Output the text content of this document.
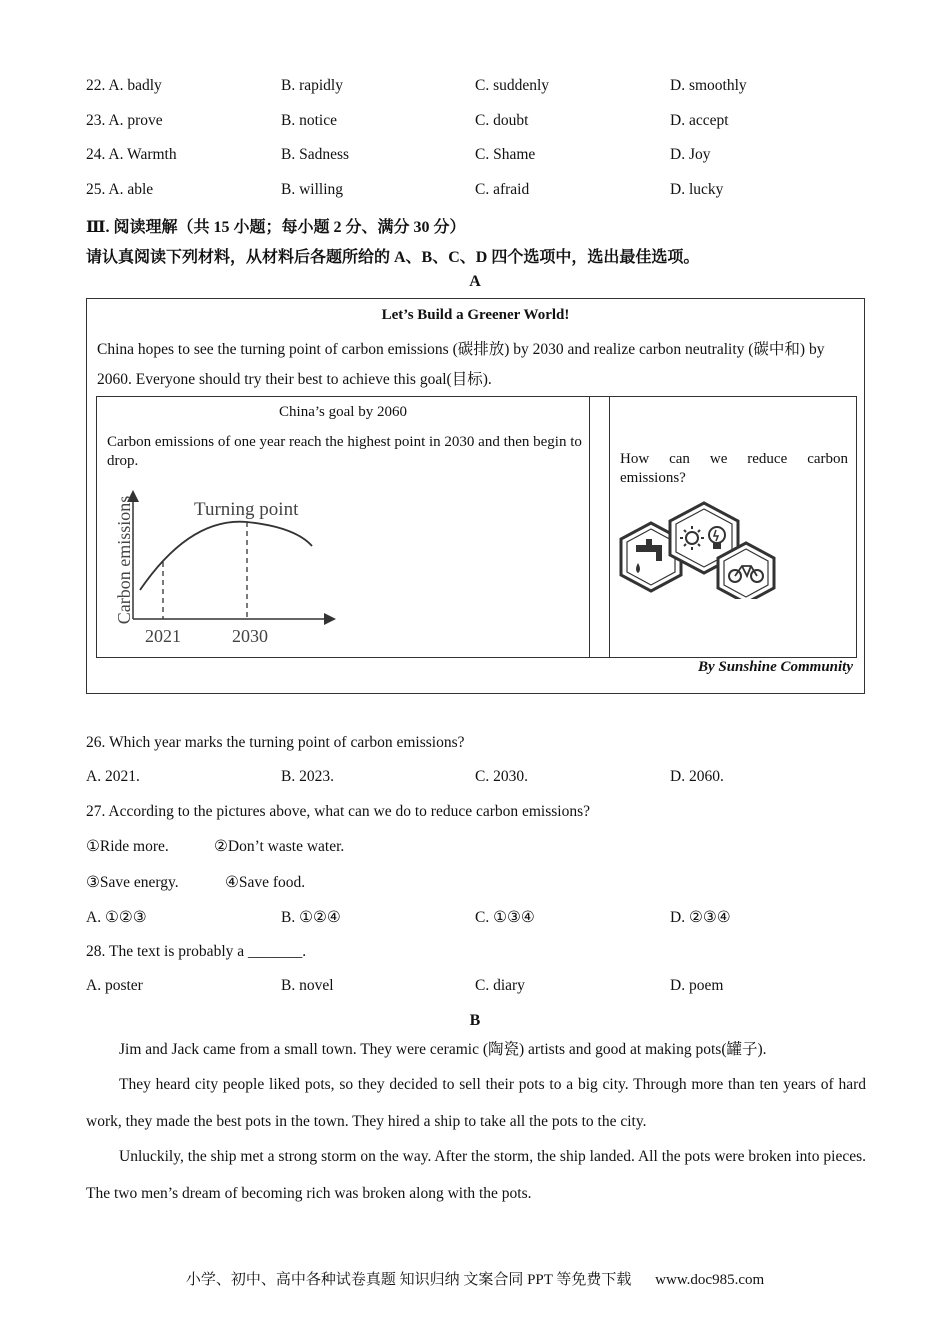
22. A. badly	B. rapidly	C. suddenly	D. smoothly
23. A. prove	B. notice	C. doubt	D. accept
24. A. Warmth	B. Sadness	C. Shame	D. Joy
25. A. able	B. willing	C. afraid	D. lucky
Ⅲ. 阅读理解（共 15 小题；每小题 2 分、满分 30 分）
请认真阅读下列材料，从材料后各题所给的 A、B、C、D 四个选项中，选出最佳选项。
A
Let’s Build a Greener World!
China hopes to see the turning point of carbon emissions (碳排放) by 2030 and realize carbon neutrality (碳中和) by 2060. Everyone should try their best to achieve this goal(目标).
China’s goal by 2060
Carbon emissions of one year reach the highest point in 2030 and then begin to drop.
Turning point
Carbon emissions
2021	2030
How can we reduce carbon emissions?
By Sunshine Community
26. Which year marks the turning point of carbon emissions?
A. 2021.	B. 2023.	C. 2030.	D. 2060.
27. According to the pictures above, what can we do to reduce carbon emissions?
①Ride more.	②Don’t waste water.
③Save energy.	④Save food.
A. ①②③	B. ①②④	C. ①③④	D. ②③④
28. The text is probably a _______.
A. poster	B. novel	C. diary	D. poem
B
Jim and Jack came from a small town. They were ceramic (陶瓷) artists and good at making pots(罐子).
They heard city people liked pots, so they decided to sell their pots to a big city. Through more than ten years of hard work, they made the best pots in the town. They hired a ship to take all the pots to the city.
Unluckily, the ship met a strong storm on the way. After the storm, the ship landed. All the pots were broken into pieces. The two men’s dream of becoming rich was broken along with the pots.
小学、初中、高中各种试卷真题 知识归纳 文案合同 PPT 等免费下载 www.doc985.com
